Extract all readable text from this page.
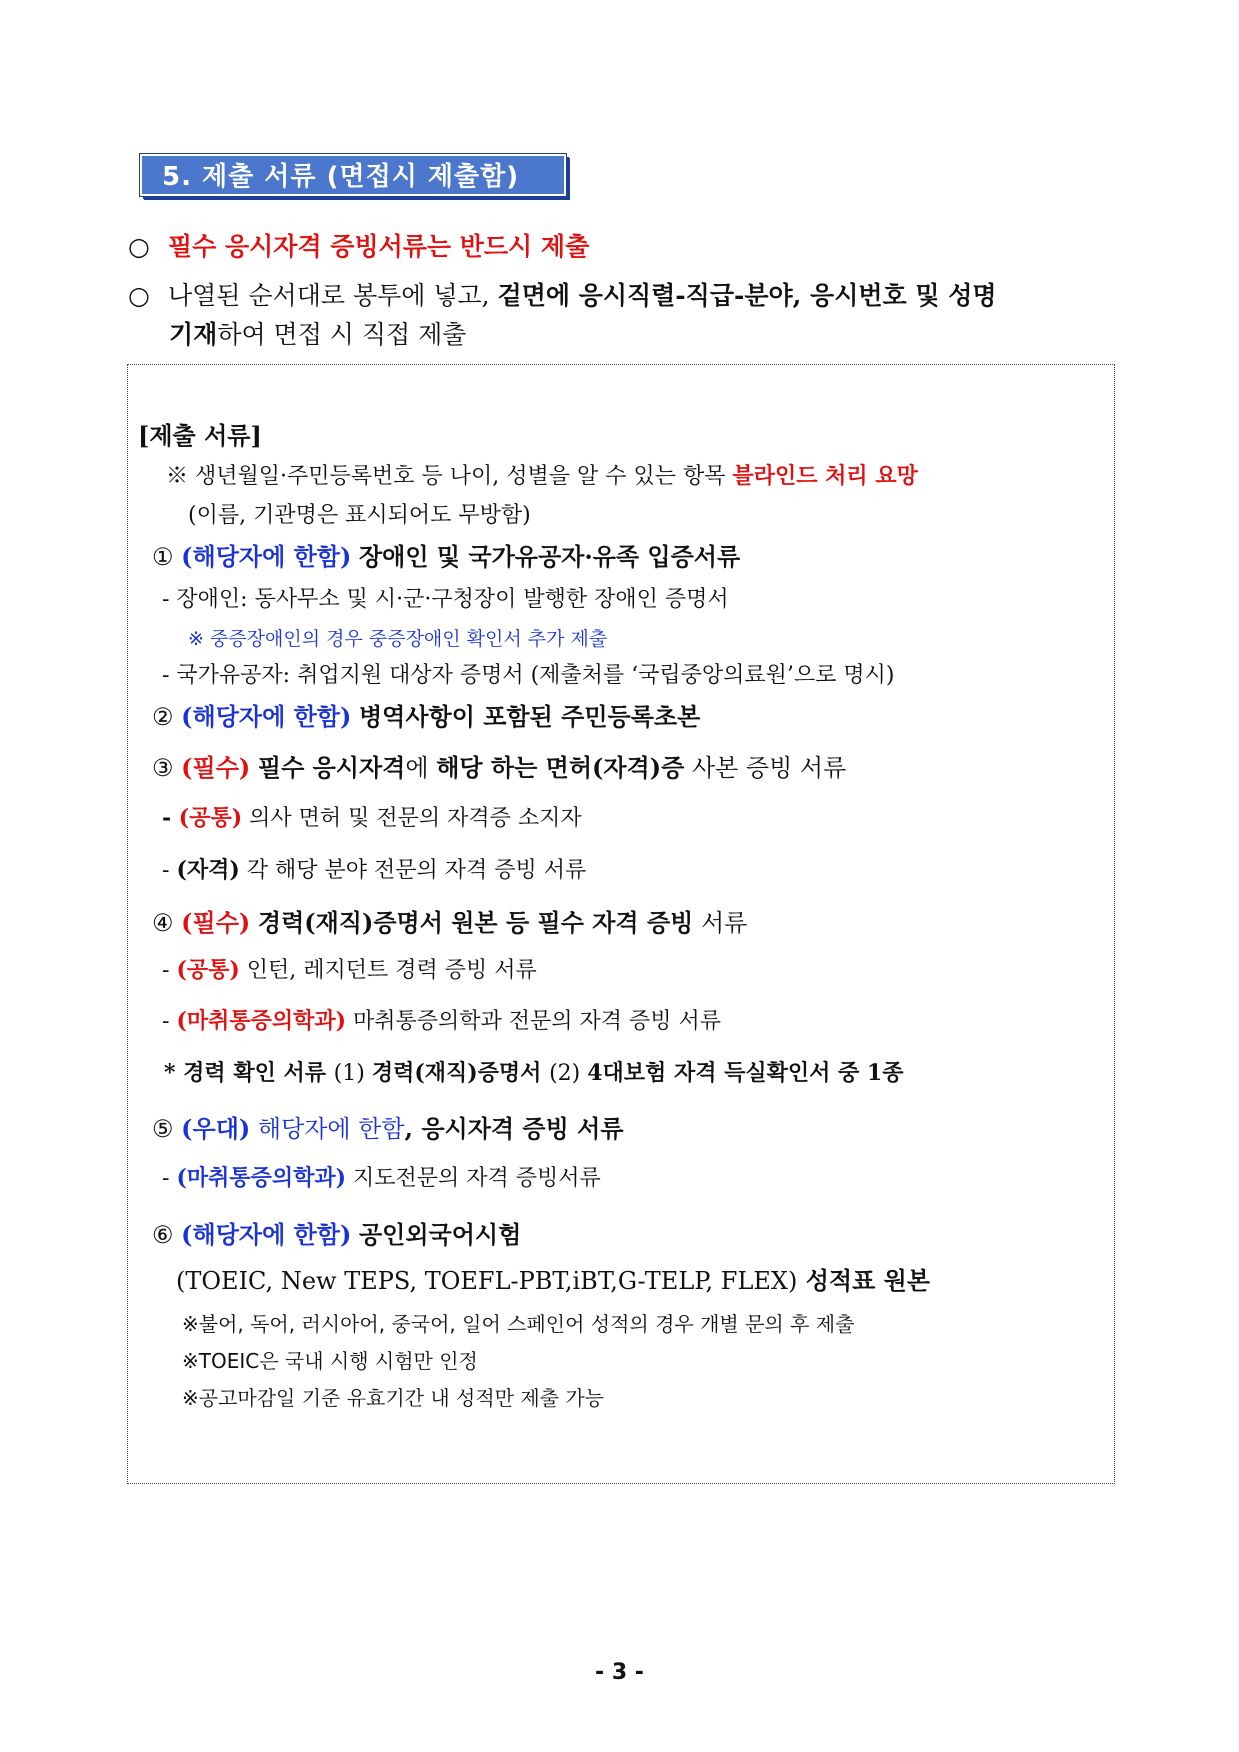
5. 제출 서류 (면접시 제출함)
○ 필수 응시자격 증빙서류는 반드시 제출
○ 나열된 순서대로 봉투에 넣고, 겉면에 응시직렬-직급-분야, 응시번호 및 성명
기재하여 면접 시 직접 제출
[제출 서류]
※ 생년월일·주민등록번호 등 나이, 성별을 알 수 있는 항목 블라인드 처리 요망
(이름, 기관명은 표시되어도 무방함)
① (해당자에 한함) 장애인 및 국가유공자·유족 입증서류
- 장애인: 동사무소 및 시·군·구청장이 발행한 장애인 증명서
※ 중증장애인의 경우 중증장애인 확인서 추가 제출
- 국가유공자: 취업지원 대상자 증명서 (제출처를 ‘국립중앙의료원’으로 명시)
② (해당자에 한함) 병역사항이 포함된 주민등록초본
③ (필수) 필수 응시자격에 해당 하는 면허(자격)증 사본 증빙 서류
- (공통) 의사 면허 및 전문의 자격증 소지자
- (자격) 각 해당 분야 전문의 자격 증빙 서류
④ (필수) 경력(재직)증명서 원본 등 필수 자격 증빙 서류
- (공통) 인턴, 레지던트 경력 증빙 서류
- (마취통증의학과) 마취통증의학과 전문의 자격 증빙 서류
* 경력 확인 서류 (1) 경력(재직)증명서 (2) 4대보험 자격 득실확인서 중 1종
⑤ (우대) 해당자에 한함, 응시자격 증빙 서류
- (마취통증의학과) 지도전문의 자격 증빙서류
⑥ (해당자에 한함) 공인외국어시험
(TOEIC, New TEPS, TOEFL-PBT,iBT,G-TELP, FLEX) 성적표 원본
※불어, 독어, 러시아어, 중국어, 일어 스페인어 성적의 경우 개별 문의 후 제출
※TOEIC은 국내 시행 시험만 인정
※공고마감일 기준 유효기간 내 성적만 제출 가능
- 3 -
